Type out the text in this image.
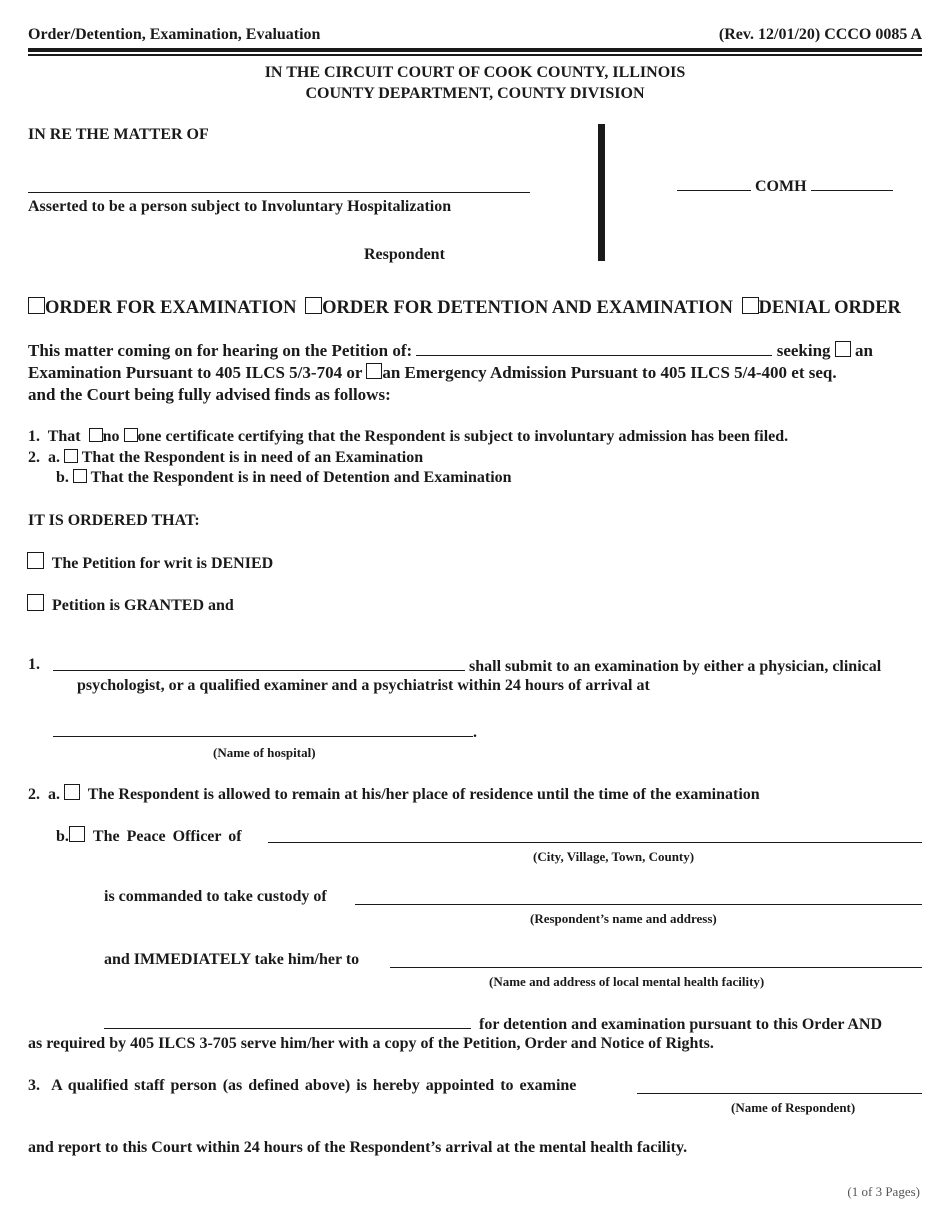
Order/Detention, Examination, Evaluation	(Rev. 12/01/20) CCCO 0085 A
IN THE CIRCUIT COURT OF COOK COUNTY, ILLINOIS
COUNTY DEPARTMENT, COUNTY DIVISION
IN RE THE MATTER OF
Asserted to be a person subject to Involuntary Hospitalization
Respondent
COMH
ORDER FOR EXAMINATION ORDER FOR DETENTION AND EXAMINATION DENIAL ORDER
This matter coming on for hearing on the Petition of:	seeking an
Examination Pursuant to 405 ILCS 5/3-704 or an Emergency Admission Pursuant to 405 ILCS 5/4-400 et seq.
and the Court being fully advised finds as follows:
1. That no one certificate certifying that the Respondent is subject to involuntary admission has been filed.
2. a. That the Respondent is in need of an Examination
b. That the Respondent is in need of Detention and Examination
IT IS ORDERED THAT:
The Petition for writ is DENIED
Petition is GRANTED and
1.	shall submit to an examination by either a physician, clinical
psychologist, or a qualified examiner and a psychiatrist within 24 hours of arrival at
.
(Name of hospital)
2. a. The Respondent is allowed to remain at his/her place of residence until the time of the examination
b. The Peace Officer of
(City, Village, Town, County)
is commanded to take custody of
(Respondent’s name and address)
and IMMEDIATELY take him/her to
(Name and address of local mental health facility)
for detention and examination pursuant to this Order AND
as required by 405 ILCS 3-705 serve him/her with a copy of the Petition, Order and Notice of Rights.
3. A qualified staff person (as defined above) is hereby appointed to examine
(Name of Respondent)
and report to this Court within 24 hours of the Respondent’s arrival at the mental health facility.
(1 of 3 Pages)
